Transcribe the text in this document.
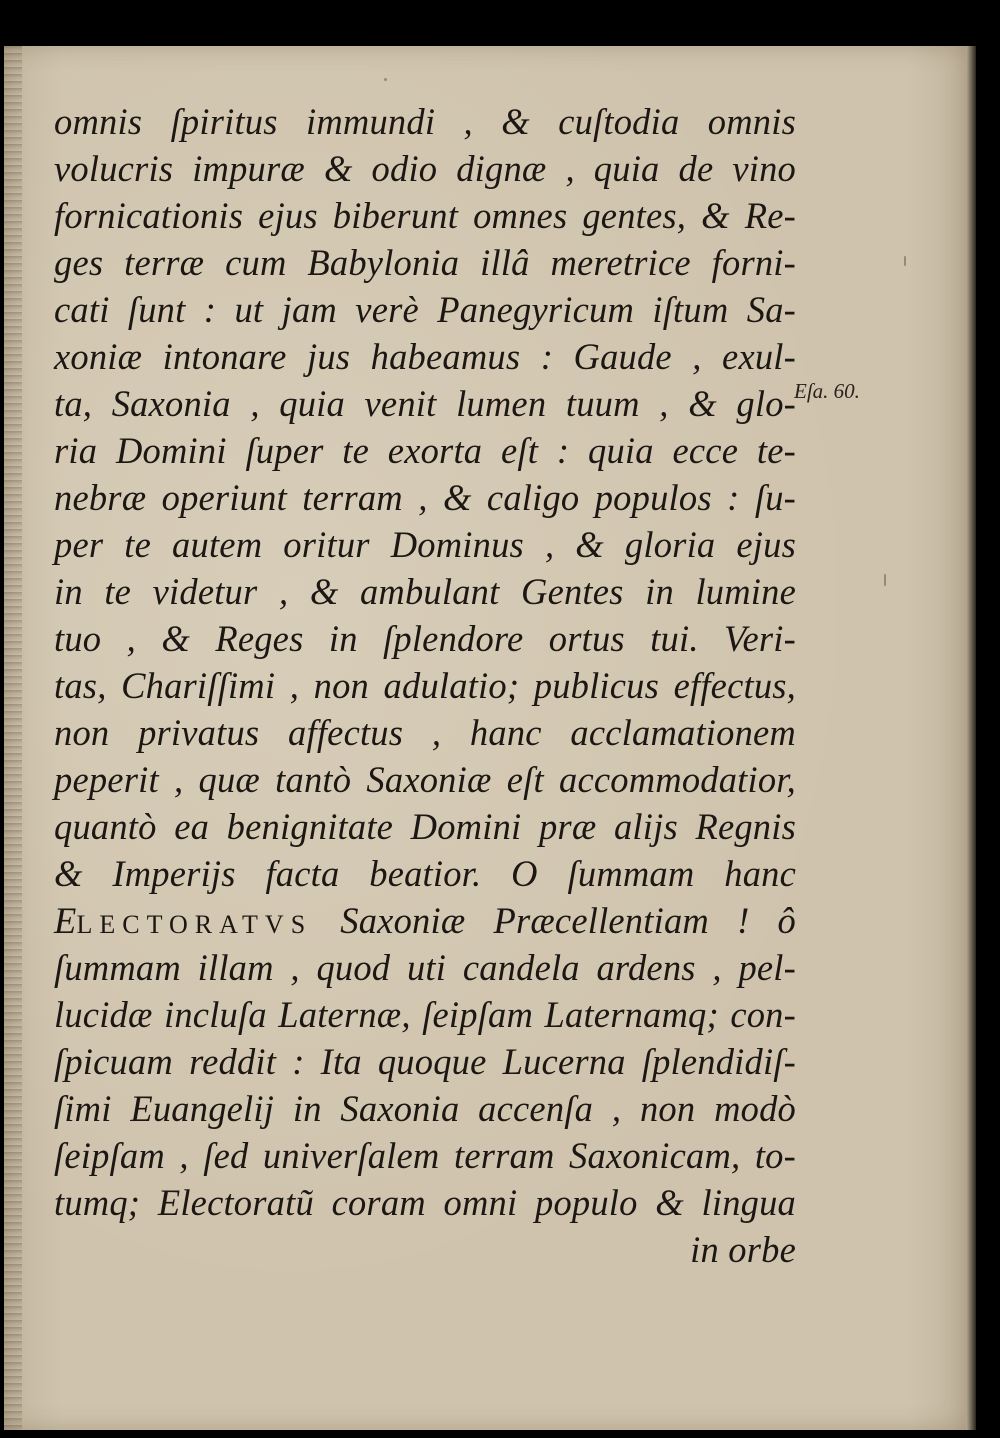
omnis ſpiritus immundi , & cuſtodia omnis
volucris impuræ & odio dignæ , quia de vino
fornicationis ejus biberunt omnes gentes, & Re-
ges terræ cum Babylonia illâ meretrice forni-
cati ſunt : ut jam verè Panegyricum iſtum Sa-
xoniæ intonare jus habeamus : Gaude , exul-
ta, Saxonia , quia venit lumen tuum , & glo-
ria Domini ſuper te exorta eſt : quia ecce te-
nebræ operiunt terram , & caligo populos : ſu-
per te autem oritur Dominus , & gloria ejus
in te videtur , & ambulant Gentes in lumine
tuo , & Reges in ſplendore ortus tui. Veri-
tas, Chariſſimi , non adulatio; publicus effectus,
non privatus affectus , hanc acclamationem
peperit , quæ tantò Saxoniæ eſt accommodatior,
quantò ea benignitate Domini præ alijs Regnis
& Imperijs facta beatior. O ſummam hanc
Electoratvs Saxoniæ Præcellentiam ! ô
ſummam illam , quod uti candela ardens , pel-
lucidæ incluſa Laternæ, ſeipſam Laternamq; con-
ſpicuam reddit : Ita quoque Lucerna ſplendidiſ-
ſimi Euangelij in Saxonia accenſa , non modò
ſeipſam , ſed univerſalem terram Saxonicam, to-
tumq; Electoratũ coram omni populo & lingua
in orbe
Eſa. 60.
